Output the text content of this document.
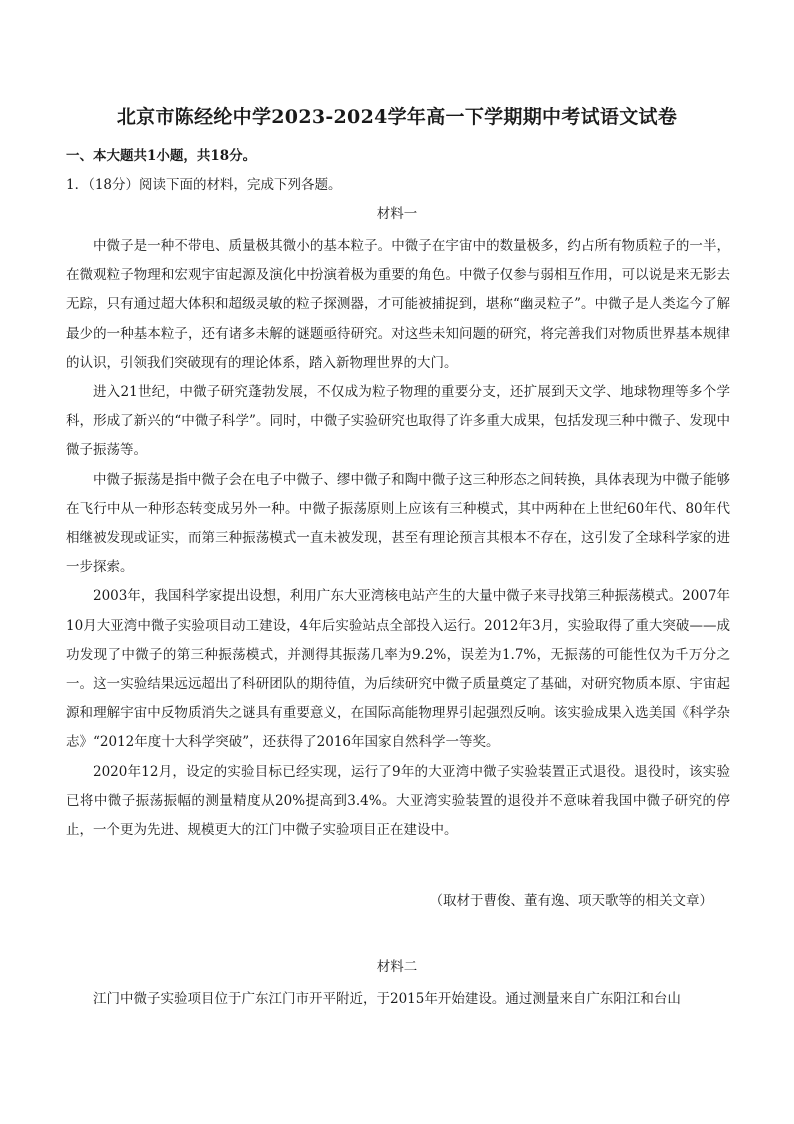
北京市陈经纶中学2023-2024学年高一下学期期中考试语文试卷

一、本大题共1小题，共18分。

1．（18分）阅读下面的材料，完成下列各题。

材料一

中微子是一种不带电、质量极其微小的基本粒子。中微子在宇宙中的数量极多，约占所有物质粒子的一半，在微观粒子物理和宏观宇宙起源及演化中扮演着极为重要的角色。中微子仅参与弱相互作用，可以说是来无影去无踪，只有通过超大体积和超级灵敏的粒子探测器，才可能被捕捉到，堪称“幽灵粒子”。中微子是人类迄今了解最少的一种基本粒子，还有诸多未解的谜题亟待研究。对这些未知问题的研究，将完善我们对物质世界基本规律的认识，引领我们突破现有的理论体系，踏入新物理世界的大门。

进入21世纪，中微子研究蓬勃发展，不仅成为粒子物理的重要分支，还扩展到天文学、地球物理等多个学科，形成了新兴的“中微子科学”。同时，中微子实验研究也取得了许多重大成果，包括发现三种中微子、发现中微子振荡等。

中微子振荡是指中微子会在电子中微子、缪中微子和陶中微子这三种形态之间转换，具体表现为中微子能够在飞行中从一种形态转变成另外一种。中微子振荡原则上应该有三种模式，其中两种在上世纪60年代、80年代相继被发现或证实，而第三种振荡模式一直未被发现，甚至有理论预言其根本不存在，这引发了全球科学家的进一步探索。

2003年，我国科学家提出设想，利用广东大亚湾核电站产生的大量中微子来寻找第三种振荡模式。2007年10月大亚湾中微子实验项目动工建设，4年后实验站点全部投入运行。2012年3月，实验取得了重大突破——成功发现了中微子的第三种振荡模式，并测得其振荡几率为9.2%，误差为1.7%，无振荡的可能性仅为千万分之一。这一实验结果远远超出了科研团队的期待值，为后续研究中微子质量奠定了基础，对研究物质本原、宇宙起源和理解宇宙中反物质消失之谜具有重要意义，在国际高能物理界引起强烈反响。该实验成果入选美国《科学杂志》“2012年度十大科学突破”，还获得了2016年国家自然科学一等奖。

2020年12月，设定的实验目标已经实现，运行了9年的大亚湾中微子实验装置正式退役。退役时，该实验已将中微子振荡振幅的测量精度从20%提高到3.4%。大亚湾实验装置的退役并不意味着我国中微子研究的停止，一个更为先进、规模更大的江门中微子实验项目正在建设中。

（取材于曹俊、董有逸、项天歌等的相关文章）

材料二

江门中微子实验项目位于广东江门市开平附近，于2015年开始建设。通过测量来自广东阳江和台山
